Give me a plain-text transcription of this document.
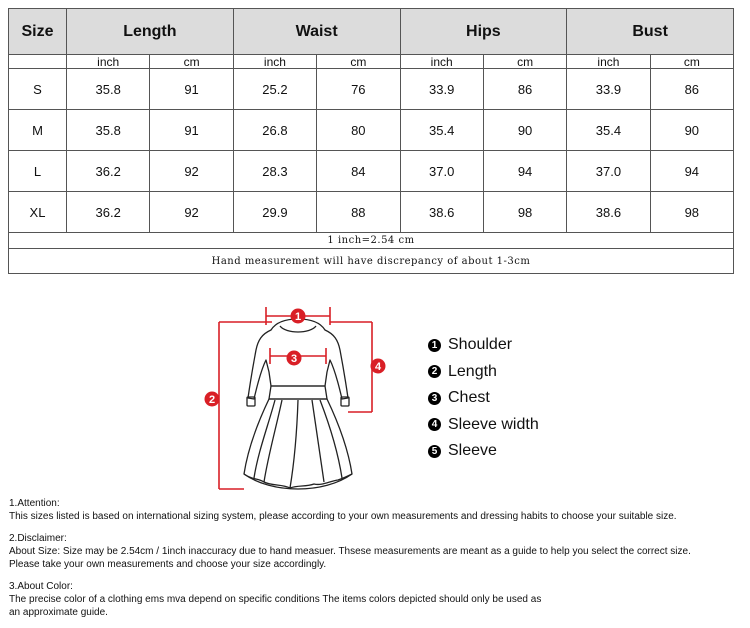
Size	Length		Waist		Hips		Bust	
	inch	cm	inch	cm	inch	cm	inch	cm
S	35.8	91	25.2	76	33.9	86	33.9	86
M	35.8	91	26.8	80	35.4	90	35.4	90
L	36.2	92	28.3	84	37.0	94	37.0	94
XL	36.2	92	29.9	88	38.6	98	38.6	98
1 inch=2.54 cm								
Hand measurement will have discrepancy of about 1-3cm								
1
2
3
4
1 Shoulder
2 Length
3 Chest
4 Sleeve width
5 Sleeve

1.Attention:

This sizes listed is based on international sizing system, please according to your own measurements and dressing habits to choose your suitable size.

2.Disclaimer:

About Size: Size may be 2.54cm / 1inch inaccuracy due to hand measuer. Thsese measurements are meant as a guide to help you select the correct size.

Please take your own measurements and choose your size accordingly.

3.About Color:

The precise color of a clothing ems mva depend on specific conditions The items colors depicted should only be used as

an approximate guide.
